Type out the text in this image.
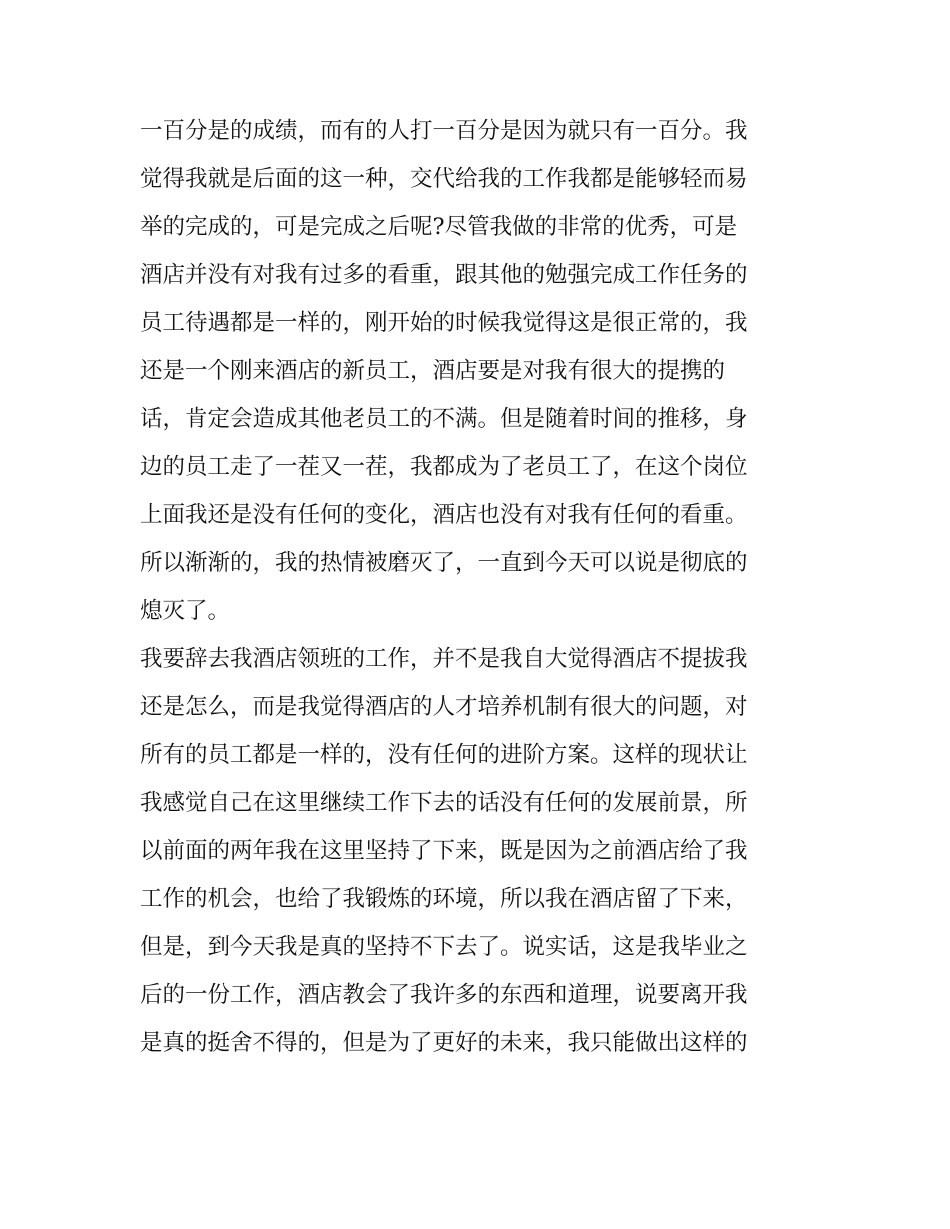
一百分是的成绩，而有的人打一百分是因为就只有一百分。我
觉得我就是后面的这一种，交代给我的工作我都是能够轻而易
举的完成的，可是完成之后呢?尽管我做的非常的优秀，可是
酒店并没有对我有过多的看重，跟其他的勉强完成工作任务的
员工待遇都是一样的，刚开始的时候我觉得这是很正常的，我
还是一个刚来酒店的新员工，酒店要是对我有很大的提携的
话，肯定会造成其他老员工的不满。但是随着时间的推移，身
边的员工走了一茬又一茬，我都成为了老员工了，在这个岗位
上面我还是没有任何的变化，酒店也没有对我有任何的看重。
所以渐渐的，我的热情被磨灭了，一直到今天可以说是彻底的
熄灭了。
我要辞去我酒店领班的工作，并不是我自大觉得酒店不提拔我
还是怎么，而是我觉得酒店的人才培养机制有很大的问题，对
所有的员工都是一样的，没有任何的进阶方案。这样的现状让
我感觉自己在这里继续工作下去的话没有任何的发展前景，所
以前面的两年我在这里坚持了下来，既是因为之前酒店给了我
工作的机会，也给了我锻炼的环境，所以我在酒店留了下来，
但是，到今天我是真的坚持不下去了。说实话，这是我毕业之
后的一份工作，酒店教会了我许多的东西和道理，说要离开我
是真的挺舍不得的，但是为了更好的未来，我只能做出这样的
